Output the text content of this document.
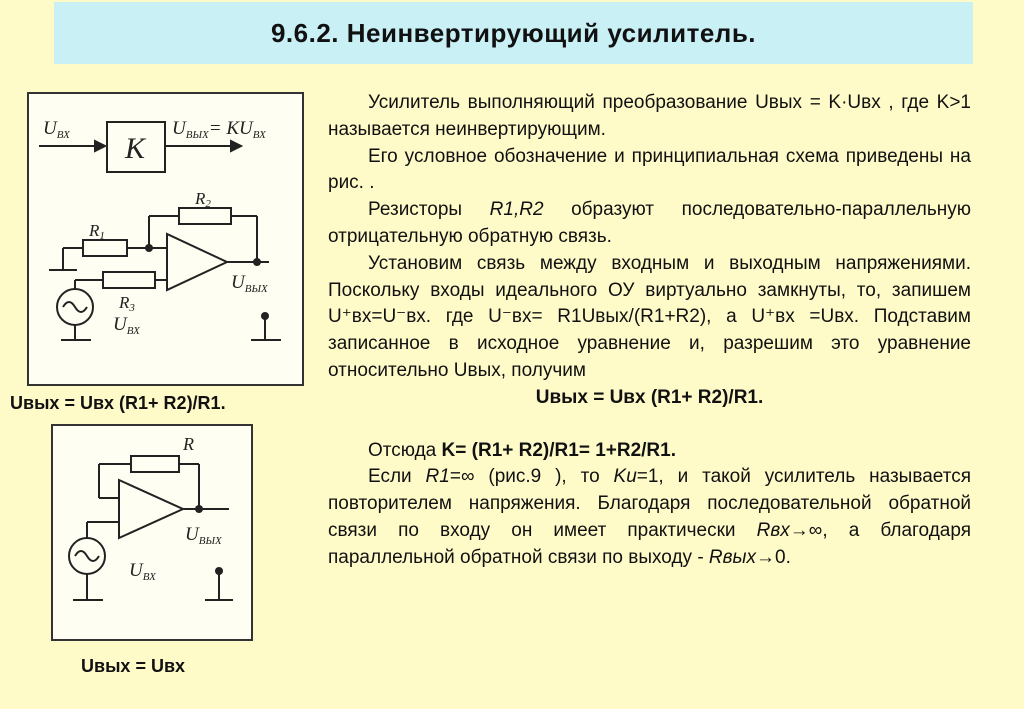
9.6.2. Неинвертирующий усилитель.
$U_{ВХ}$ K
$U_{ВЫХ}= KU_{ВХ}$
R2
R1
R3
$U_{ВЫХ}$
$U_{ВХ}$
Uвых = Uвх (R1+ R2)/R1.
R
$U_{ВЫХ}$
$U_{ВХ}$
Uвых = Uвх

Усилитель выполняющий преобразование Uвых = K·Uвх , где K>1 называется неинвертирующим.

Его условное обозначение и принципиальная схема приведены на рис. .

Резисторы R1,R2 образуют последовательно-параллельную отрицательную обратную связь.

Установим связь между входным и выходным напряжениями. Поскольку входы идеального ОУ виртуально замкнуты, то, запишем U⁺вх=U⁻вх. где U⁻вх= R1Uвых/(R1+R2), а U⁺вх =Uвх. Подставим записанное в исходное уравнение и, разрешим это уравнение относительно Uвых, получим

Uвых = Uвх (R1+ R2)/R1.

Отсюда K= (R1+ R2)/R1= 1+R2/R1.

Если R1=∞ (рис.9 ), то Kи=1, и такой усилитель называется повторителем напряжения. Благодаря последовательной обратной связи по входу он имеет практически Rвх→∞, а благодаря параллельной обратной связи по выходу - Rвых→0.
